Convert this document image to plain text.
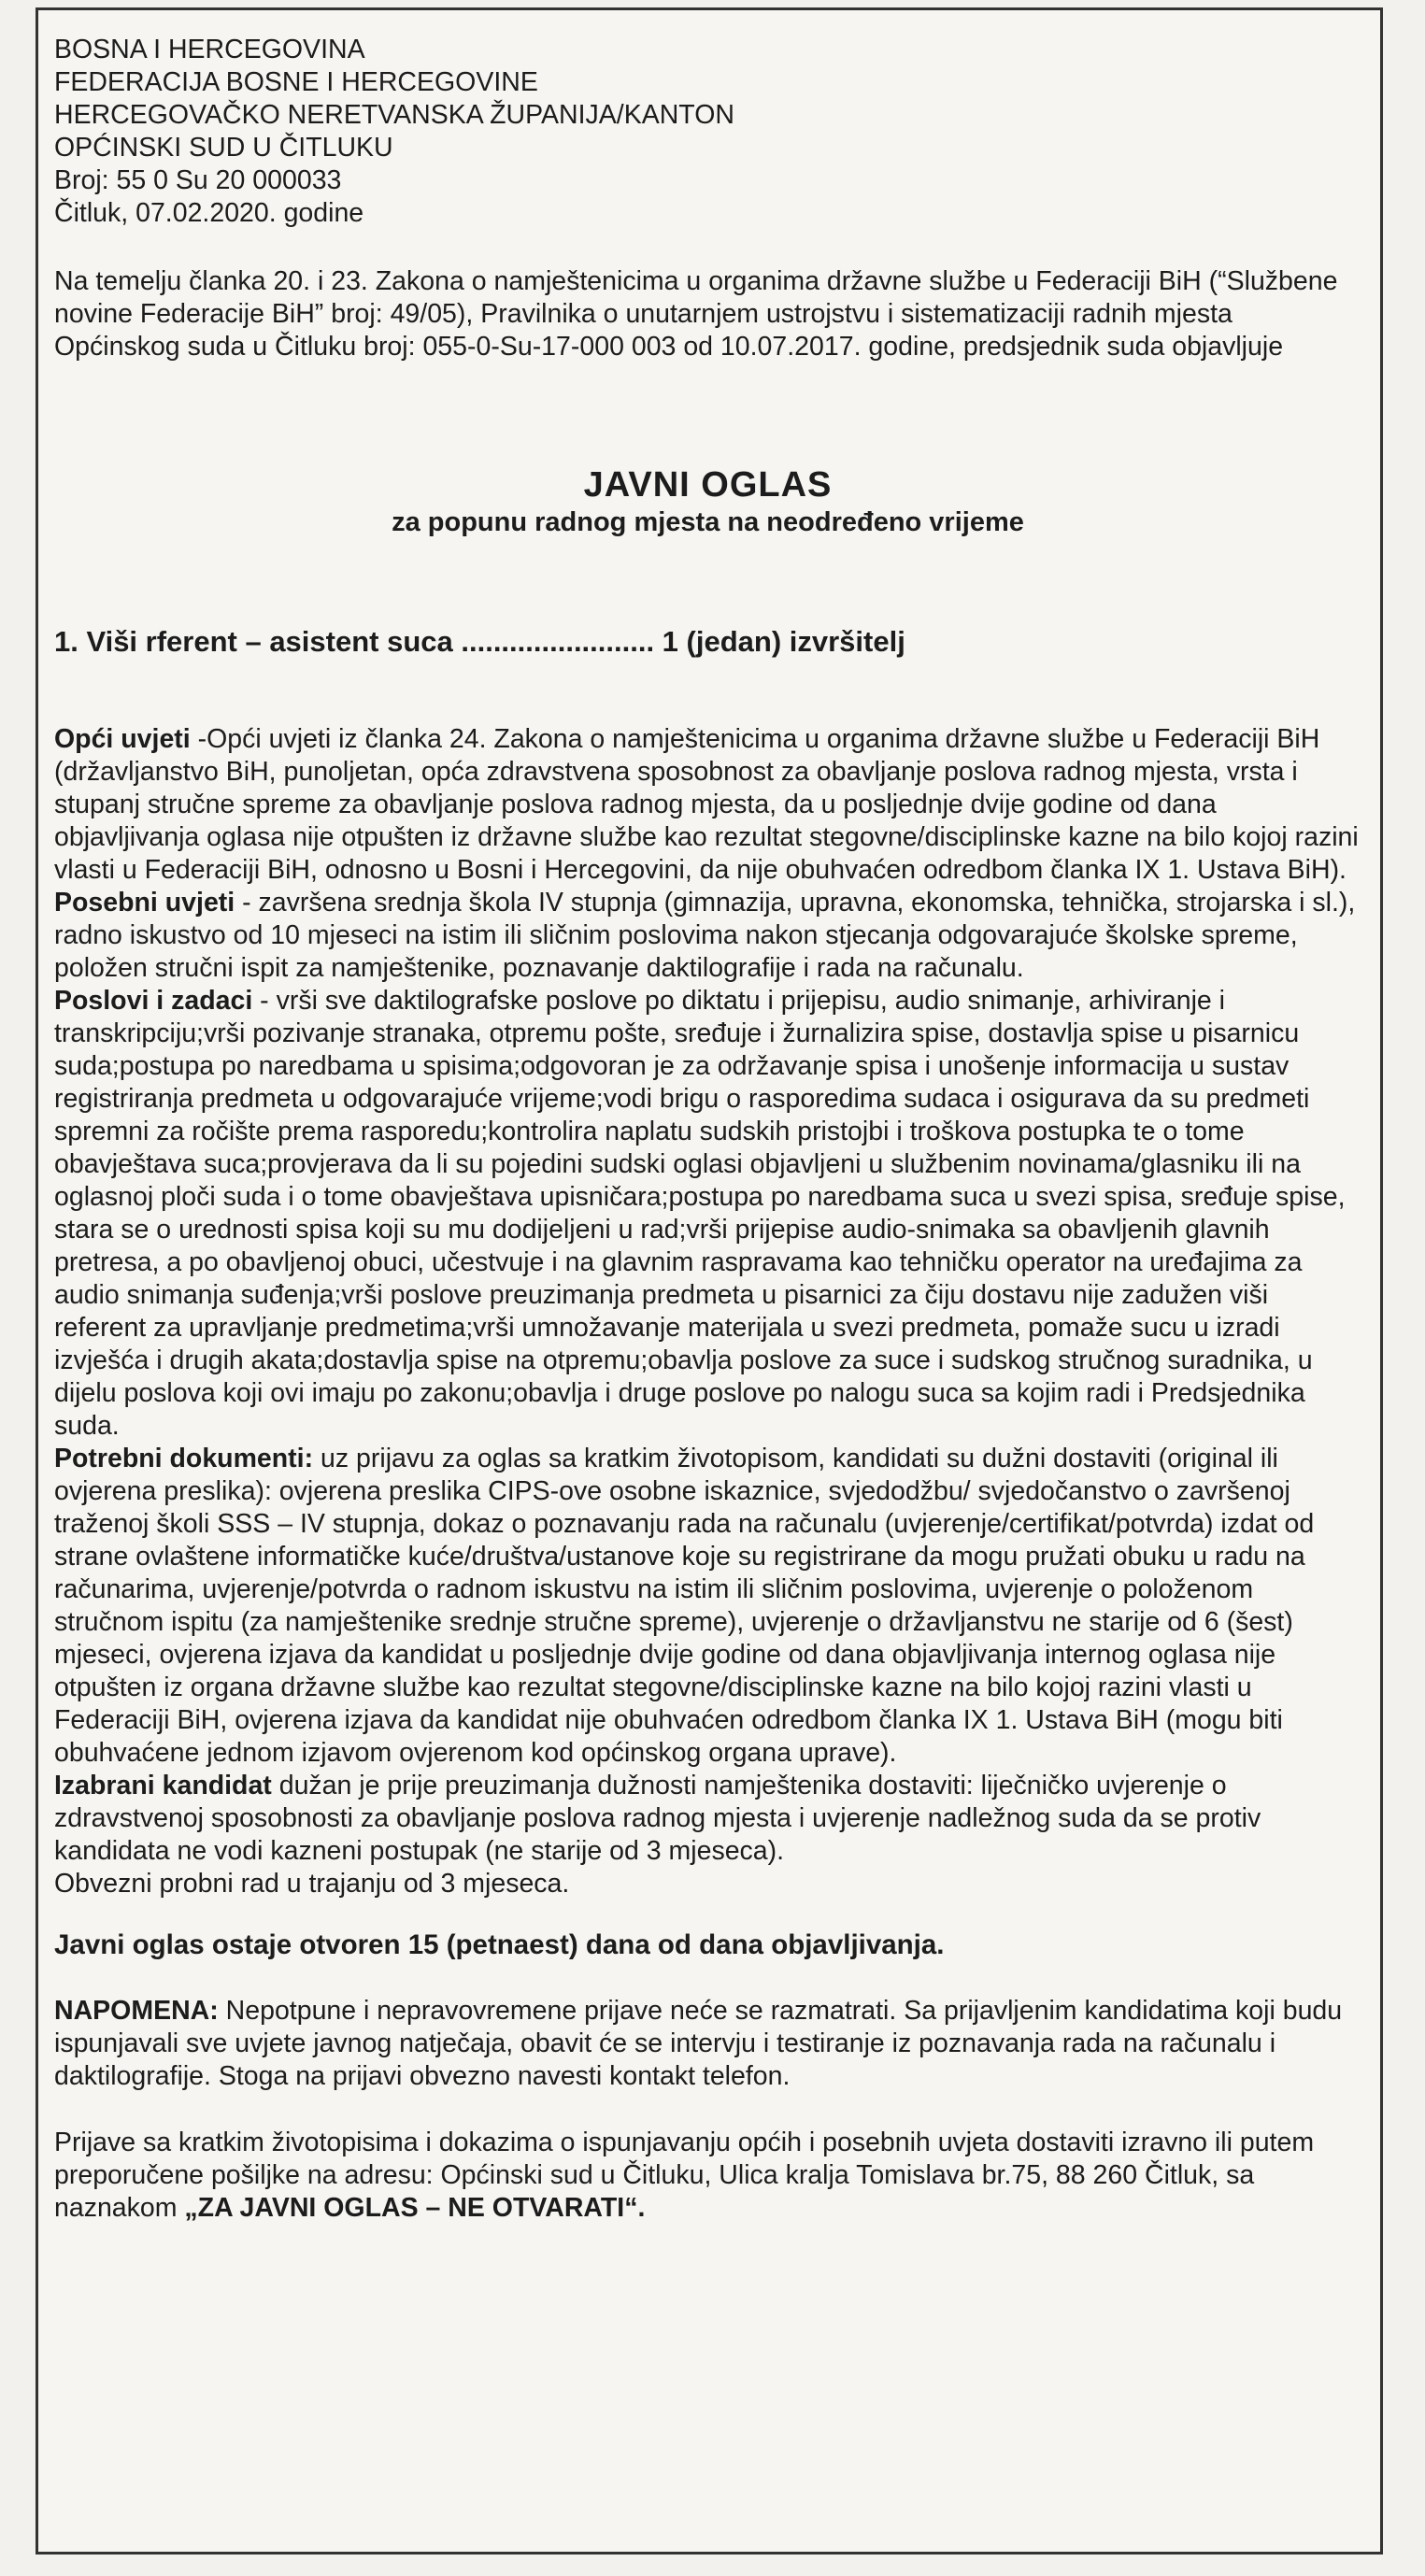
BOSNA I HERCEGOVINA
FEDERACIJA BOSNE I HERCEGOVINE
HERCEGOVAČKO NERETVANSKA ŽUPANIJA/KANTON
OPĆINSKI SUD U ČITLUKU
Broj: 55 0 Su 20 000033
Čitluk, 07.02.2020. godine

Na temelju članka 20. i 23. Zakona o namještenicima u organima državne službe u Federaciji BiH (“Službene novine Federacije BiH” broj: 49/05), Pravilnika o unutarnjem ustrojstvu i sistematizaciji radnih mjesta Općinskog suda u Čitluku broj: 055-0-Su-17-000 003 od 10.07.2017. godine, predsjednik suda objavljuje

JAVNI OGLAS
za popunu radnog mjesta na neodređeno vrijeme
1. Viši rferent – asistent suca ........................ 1 (jedan) izvršitelj
Opći uvjeti -Opći uvjeti iz članka 24. Zakona o namještenicima u organima državne službe u Federaciji BiH (državljanstvo BiH, punoljetan, opća zdravstvena sposobnost za obavljanje poslova radnog mjesta, vrsta i stupanj stručne spreme za obavljanje poslova radnog mjesta, da u posljednje dvije godine od dana objavljivanja oglasa nije otpušten iz državne službe kao rezultat stegovne/disciplinske kazne na bilo kojoj razini vlasti u Federaciji BiH, odnosno u Bosni i Hercegovini, da nije obuhvaćen odredbom članka IX 1. Ustava BiH).
Posebni uvjeti - završena srednja škola IV stupnja (gimnazija, upravna, ekonomska, tehnička, strojarska i sl.), radno iskustvo od 10 mjeseci na istim ili sličnim poslovima nakon stjecanja odgovarajuće školske spreme, položen stručni ispit za namještenike, poznavanje daktilografije i rada na računalu.
Poslovi i zadaci - vrši sve daktilografske poslove po diktatu i prijepisu, audio snimanje, arhiviranje i transkripciju;vrši pozivanje stranaka, otpremu pošte, sređuje i žurnalizira spise, dostavlja spise u pisarnicu suda;postupa po naredbama u spisima;odgovoran je za održavanje spisa i unošenje informacija u sustav registriranja predmeta u odgovarajuće vrijeme;vodi brigu o rasporedima sudaca i osigurava da su predmeti spremni za ročište prema rasporedu;kontrolira naplatu sudskih pristojbi i troškova postupka te o tome obavještava suca;provjerava da li su pojedini sudski oglasi objavljeni u službenim novinama/glasniku ili na oglasnoj ploči suda i o tome obavještava upisničara;postupa po naredbama suca u svezi spisa, sređuje spise, stara se o urednosti spisa koji su mu dodijeljeni u rad;vrši prijepise audio-snimaka sa obavljenih glavnih pretresa, a po obavljenoj obuci, učestvuje i na glavnim raspravama kao tehničku operator na uređajima za audio snimanja suđenja;vrši poslove preuzimanja predmeta u pisarnici za čiju dostavu nije zadužen viši referent za upravljanje predmetima;vrši umnožavanje materijala u svezi predmeta, pomaže sucu u izradi izvješća i drugih akata;dostavlja spise na otpremu;obavlja poslove za suce i sudskog stručnog suradnika, u dijelu poslova koji ovi imaju po zakonu;obavlja i druge poslove po nalogu suca sa kojim radi i Predsjednika suda.
Potrebni dokumenti: uz prijavu za oglas sa kratkim životopisom, kandidati su dužni dostaviti (original ili ovjerena preslika): ovjerena preslika CIPS-ove osobne iskaznice, svjedodžbu/ svjedočanstvo o završenoj traženoj školi SSS – IV stupnja, dokaz o poznavanju rada na računalu (uvjerenje/certifikat/potvrda) izdat od strane ovlaštene informatičke kuće/društva/ustanove koje su registrirane da mogu pružati obuku u radu na računarima, uvjerenje/potvrda o radnom iskustvu na istim ili sličnim poslovima, uvjerenje o položenom stručnom ispitu (za namještenike srednje stručne spreme), uvjerenje o državljanstvu ne starije od 6 (šest) mjeseci, ovjerena izjava da kandidat u posljednje dvije godine od dana objavljivanja internog oglasa nije otpušten iz organa državne službe kao rezultat stegovne/disciplinske kazne na bilo kojoj razini vlasti u Federaciji BiH, ovjerena izjava da kandidat nije obuhvaćen odredbom članka IX 1. Ustava BiH (mogu biti obuhvaćene jednom izjavom ovjerenom kod općinskog organa uprave).
Izabrani kandidat dužan je prije preuzimanja dužnosti namještenika dostaviti: liječničko uvjerenje o zdravstvenoj sposobnosti za obavljanje poslova radnog mjesta i uvjerenje nadležnog suda da se protiv kandidata ne vodi kazneni postupak (ne starije od 3 mjeseca).
Obvezni probni rad u trajanju od 3 mjeseca.
Javni oglas ostaje otvoren 15 (petnaest) dana od dana objavljivanja.
NAPOMENA: Nepotpune i nepravovremene prijave neće se razmatrati. Sa prijavljenim kandidatima koji budu ispunjavali sve uvjete javnog natječaja, obavit će se intervju i testiranje iz poznavanja rada na računalu i daktilografije. Stoga na prijavi obvezno navesti kontakt telefon.
Prijave sa kratkim životopisima i dokazima o ispunjavanju općih i posebnih uvjeta dostaviti izravno ili putem preporučene pošiljke na adresu: Općinski sud u Čitluku, Ulica kralja Tomislava br.75, 88 260 Čitluk, sa naznakom „ZA JAVNI OGLAS – NE OTVARATI“.
